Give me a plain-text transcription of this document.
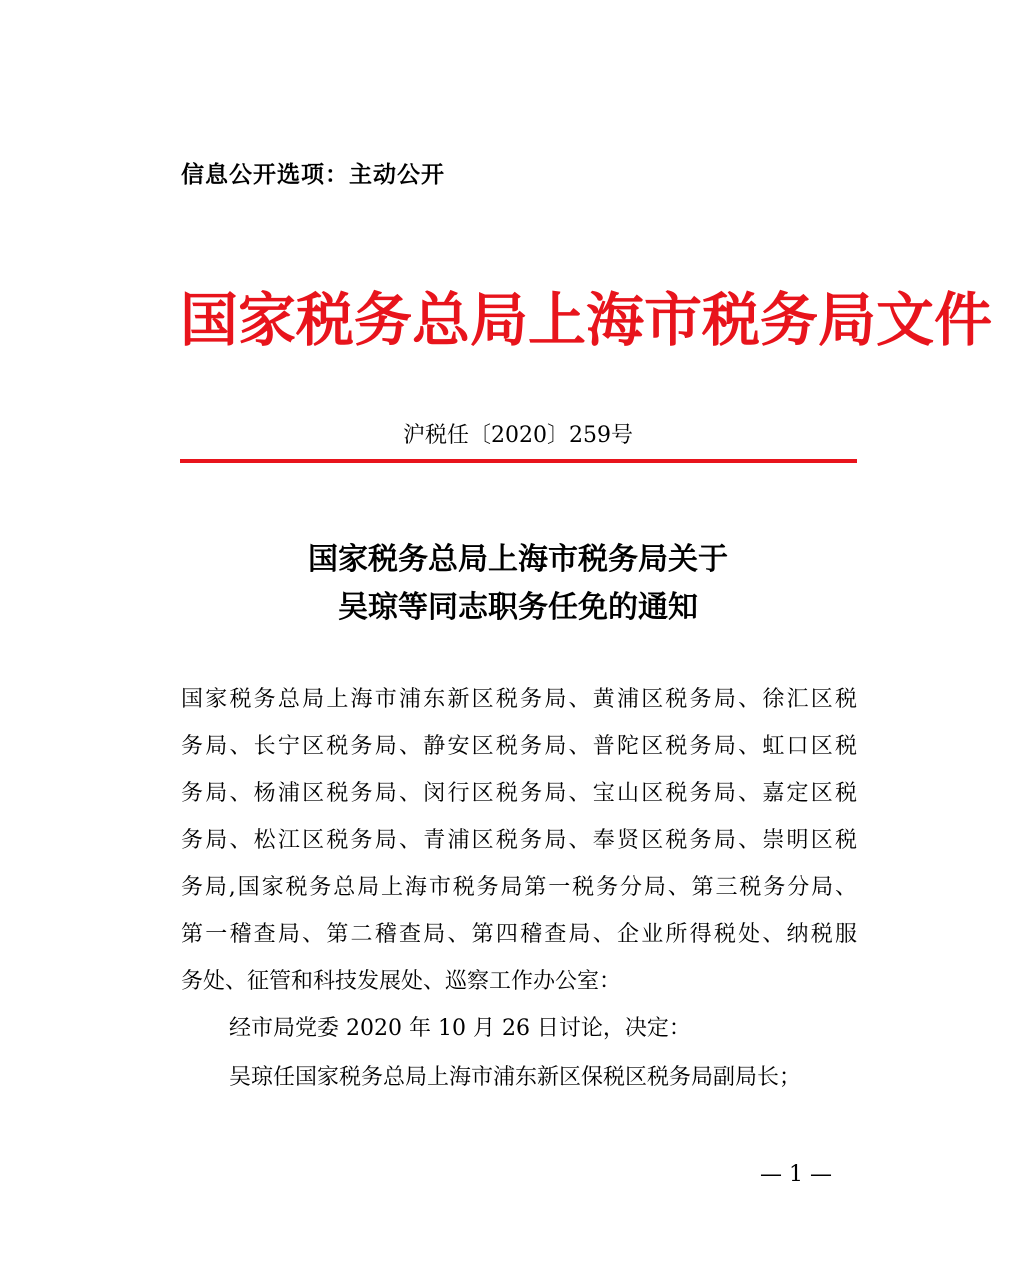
信息公开选项：主动公开
国家税务总局上海市税务局文件
沪税任〔2020〕259号
国家税务总局上海市税务局关于
吴琼等同志职务任免的通知
国家税务总局上海市浦东新区税务局、黄浦区税务局、徐汇区税
务局、长宁区税务局、静安区税务局、普陀区税务局、虹口区税
务局、杨浦区税务局、闵行区税务局、宝山区税务局、嘉定区税
务局、松江区税务局、青浦区税务局、奉贤区税务局、崇明区税
务局,国家税务总局上海市税务局第一税务分局、第三税务分局、
第一稽查局、第二稽查局、第四稽查局、企业所得税处、纳税服
务处、征管和科技发展处、巡察工作办公室：
经市局党委 2020 年 10 月 26 日讨论，决定：
吴琼任国家税务总局上海市浦东新区保税区税务局副局长；
— 1 —
